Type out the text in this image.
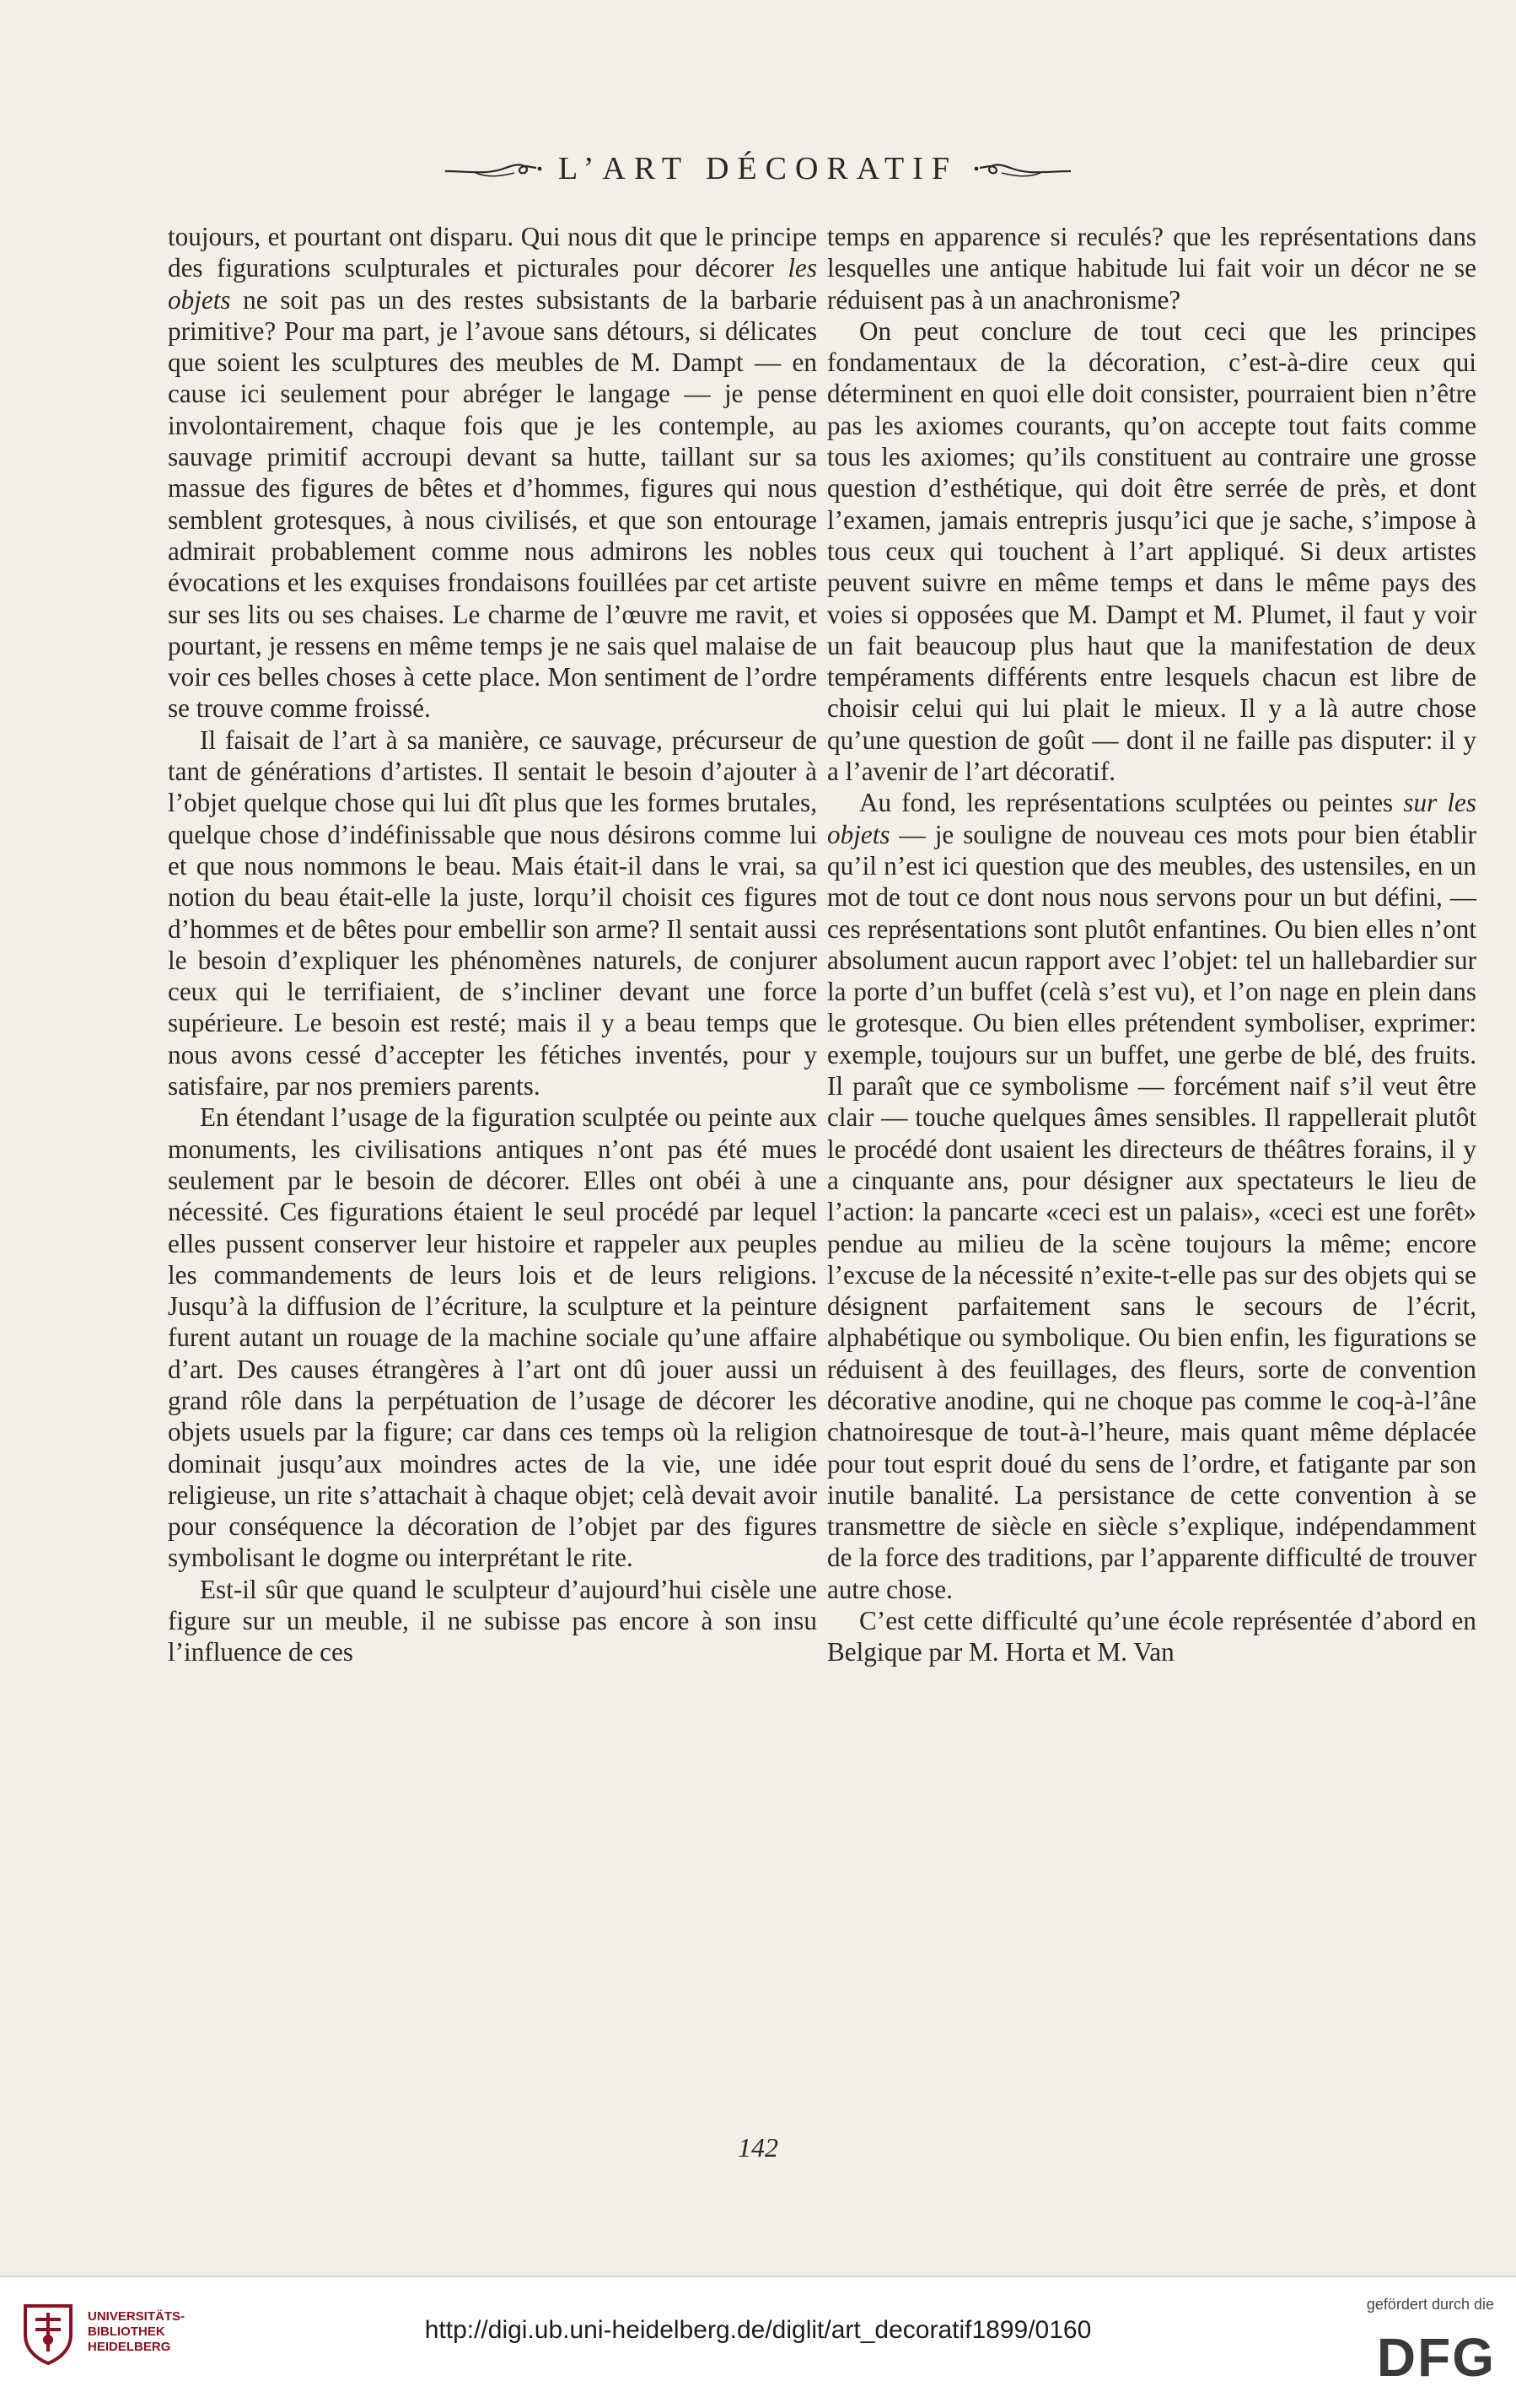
L’ART DÉCORATIF

toujours, et pourtant ont disparu. Qui nous dit que le principe des figurations sculpturales et picturales pour décorer les objets ne soit pas un des restes subsistants de la barbarie primitive? Pour ma part, je l’avoue sans détours, si délicates que soient les sculptures des meubles de M. Dampt — en cause ici seulement pour abréger le langage — je pense involontairement, chaque fois que je les contemple, au sauvage primitif accroupi devant sa hutte, taillant sur sa massue des figures de bêtes et d’hommes, figures qui nous semblent grotesques, à nous civilisés, et que son entourage admirait probablement comme nous admirons les nobles évocations et les exquises frondaisons fouillées par cet artiste sur ses lits ou ses chaises. Le charme de l’œuvre me ravit, et pourtant, je ressens en même temps je ne sais quel malaise de voir ces belles choses à cette place. Mon sentiment de l’ordre se trouve comme froissé.

Il faisait de l’art à sa manière, ce sauvage, précurseur de tant de générations d’artistes. Il sentait le besoin d’ajouter à l’objet quelque chose qui lui dît plus que les formes brutales, quelque chose d’indéfinissable que nous désirons comme lui et que nous nommons le beau. Mais était-il dans le vrai, sa notion du beau était-elle la juste, lorqu’il choisit ces figures d’hommes et de bêtes pour embellir son arme? Il sentait aussi le besoin d’expliquer les phénomènes naturels, de conjurer ceux qui le terrifiaient, de s’incliner devant une force supérieure. Le besoin est resté; mais il y a beau temps que nous avons cessé d’accepter les fétiches inventés, pour y satisfaire, par nos premiers parents.

En étendant l’usage de la figuration sculptée ou peinte aux monuments, les civilisations antiques n’ont pas été mues seulement par le besoin de décorer. Elles ont obéi à une nécessité. Ces figurations étaient le seul procédé par lequel elles pussent conserver leur histoire et rappeler aux peuples les commandements de leurs lois et de leurs religions. Jusqu’à la diffusion de l’écriture, la sculpture et la peinture furent autant un rouage de la machine sociale qu’une affaire d’art. Des causes étrangères à l’art ont dû jouer aussi un grand rôle dans la perpétuation de l’usage de décorer les objets usuels par la figure; car dans ces temps où la religion dominait jusqu’aux moindres actes de la vie, une idée religieuse, un rite s’attachait à chaque objet; celà devait avoir pour conséquence la décoration de l’objet par des figures symbolisant le dogme ou interprétant le rite.

Est-il sûr que quand le sculpteur d’aujourd’hui cisèle une figure sur un meuble, il ne subisse pas encore à son insu l’influence de ces

temps en apparence si reculés? que les représentations dans lesquelles une antique habitude lui fait voir un décor ne se réduisent pas à un anachronisme?

On peut conclure de tout ceci que les principes fondamentaux de la décoration, c’est-à-dire ceux qui déterminent en quoi elle doit consister, pourraient bien n’être pas les axiomes courants, qu’on accepte tout faits comme tous les axiomes; qu’ils constituent au contraire une grosse question d’esthétique, qui doit être serrée de près, et dont l’examen, jamais entrepris jusqu’ici que je sache, s’impose à tous ceux qui touchent à l’art appliqué. Si deux artistes peuvent suivre en même temps et dans le même pays des voies si opposées que M. Dampt et M. Plumet, il faut y voir un fait beaucoup plus haut que la manifestation de deux tempéraments différents entre lesquels chacun est libre de choisir celui qui lui plait le mieux. Il y a là autre chose qu’une question de goût — dont il ne faille pas disputer: il y a l’avenir de l’art décoratif.

Au fond, les représentations sculptées ou peintes sur les objets — je souligne de nouveau ces mots pour bien établir qu’il n’est ici question que des meubles, des ustensiles, en un mot de tout ce dont nous nous servons pour un but défini, — ces représentations sont plutôt enfantines. Ou bien elles n’ont absolument aucun rapport avec l’objet: tel un hallebardier sur la porte d’un buffet (celà s’est vu), et l’on nage en plein dans le grotesque. Ou bien elles prétendent symboliser, exprimer: exemple, toujours sur un buffet, une gerbe de blé, des fruits. Il paraît que ce symbolisme — forcément naif s’il veut être clair — touche quelques âmes sensibles. Il rappellerait plutôt le procédé dont usaient les directeurs de théâtres forains, il y a cinquante ans, pour désigner aux spectateurs le lieu de l’action: la pancarte «ceci est un palais», «ceci est une forêt» pendue au milieu de la scène toujours la même; encore l’excuse de la nécessité n’exite-t-elle pas sur des objets qui se désignent parfaitement sans le secours de l’écrit, alphabétique ou symbolique. Ou bien enfin, les figurations se réduisent à des feuillages, des fleurs, sorte de convention décorative anodine, qui ne choque pas comme le coq-à-l’âne chatnoiresque de tout-à-l’heure, mais quant même déplacée pour tout esprit doué du sens de l’ordre, et fatigante par son inutile banalité. La persistance de cette convention à se transmettre de siècle en siècle s’explique, indépendamment de la force des traditions, par l’apparente difficulté de trouver autre chose.

C’est cette difficulté qu’une école représentée d’abord en Belgique par M. Horta et M. Van

142
UNIVERSITÄTS-
BIBLIOTHEK
HEIDELBERG
http://digi.ub.uni-heidelberg.de/diglit/art_decoratif1899/0160
gefördert durch die
DFG
